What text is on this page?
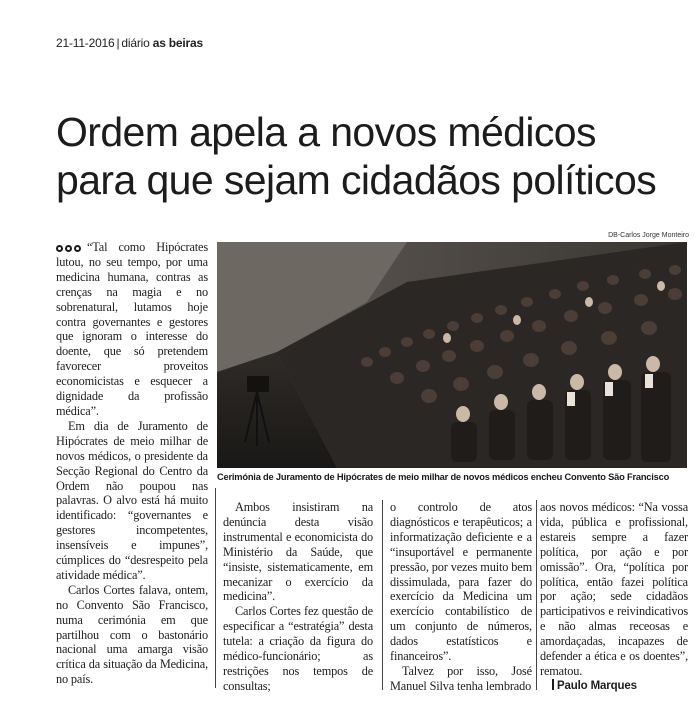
21-11-2016 | diário as beiras
Ordem apela a novos médicos
para que sejam cidadãos políticos

“Tal como Hipócrates lutou, no seu tempo, por uma medicina humana, contras as crenças na magia e no sobrenatural, lutamos hoje contra governantes e gestores que ignoram o interesse do doente, que só pretendem favorecer proveitos economicistas e esquecer a dignidade da profissão médica”.

Em dia de Juramento de Hipócrates de meio milhar de novos médicos, o presidente da Secção Regional do Centro da Ordem não poupou nas palavras. O alvo está há muito identificado: “governantes e gestores incompetentes, insensíveis e impunes”, cúmplices do “desrespeito pela atividade médica”.

Carlos Cortes falava, ontem, no Convento São Francisco, numa cerimónia em que partilhou com o bastonário nacional uma amarga visão crítica da situação da Medicina, no país.

DB-Carlos Jorge Monteiro
Cerimónia de Juramento de Hipócrates de meio milhar de novos médicos encheu Convento São Francisco

Ambos insistiram na denúncia desta visão instrumental e economicista do Ministério da Saúde, que “insiste, sistematicamente, em mecanizar o exercício da medicina”.

Carlos Cortes fez questão de especificar a “estratégia” desta tutela: a criação da figura do médico-funcionário; as restrições nos tempos de consultas;

o controlo de atos diagnósticos e terapêuticos; a informatização deficiente e a “insuportável e permanente pressão, por vezes muito bem dissimulada, para fazer do exercício da Medicina um exercício contabilístico de um conjunto de números, dados estatísticos e financeiros”.

Talvez por isso, José Manuel Silva tenha lembrado

aos novos médicos: “Na vossa vida, pública e profissional, estareis sempre a fazer política, por ação e por omissão”. Ora, “política por política, então fazei política por ação; sede cidadãos participativos e reivindicativos e não almas receosas e amordaçadas, incapazes de defender a ética e os doentes”, rematou.

Paulo Marques
